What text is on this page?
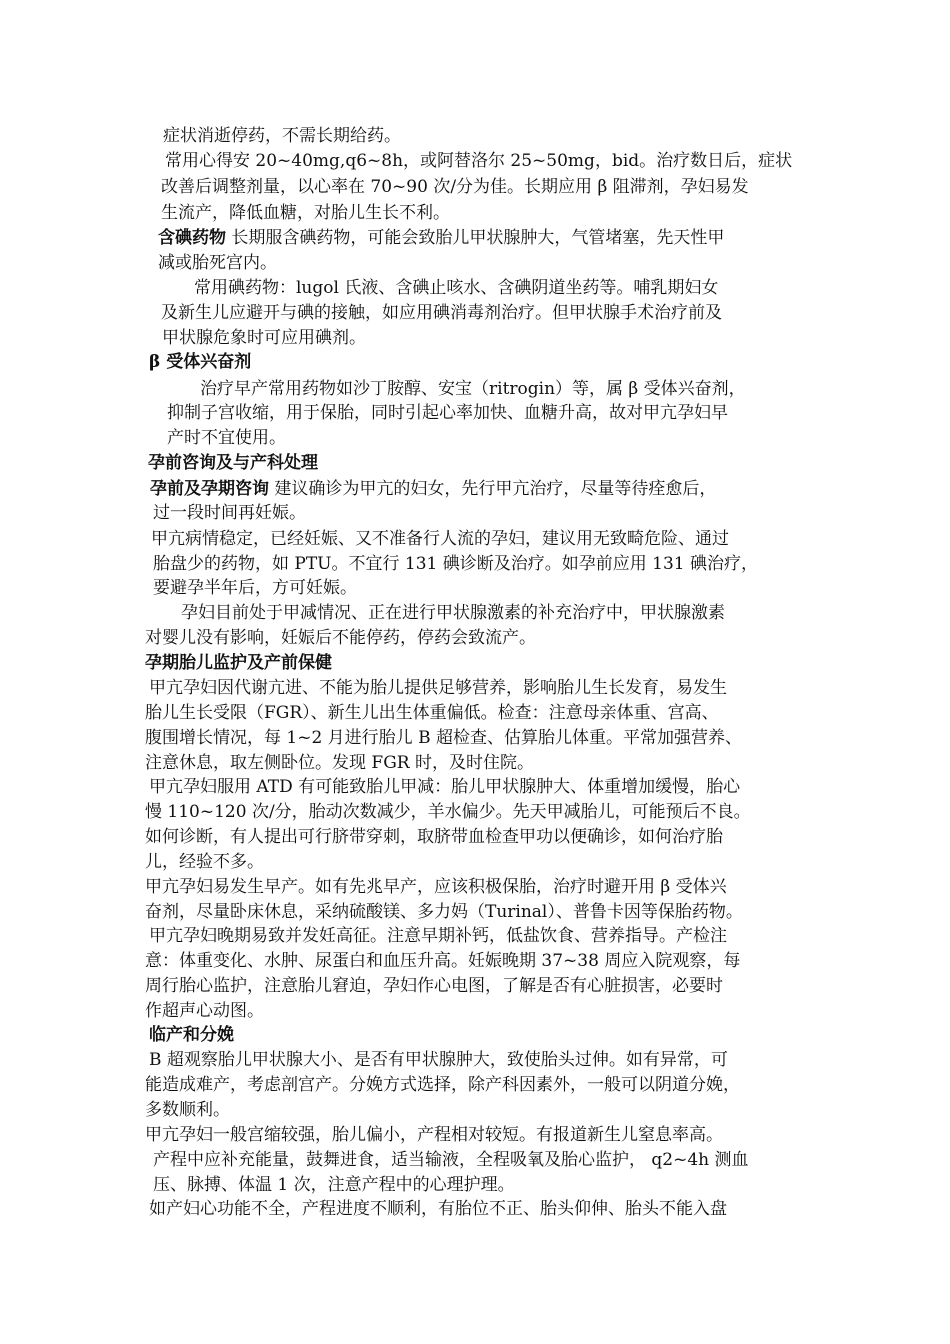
症状消逝停药，不需长期给药。

常用心得安 20~40mg,q6~8h，或阿替洛尔 25~50mg，bid。治疗数日后，症状

改善后调整剂量，以心率在 70~90 次/分为佳。长期应用 β 阻滞剂，孕妇易发

生流产，降低血糖，对胎儿生长不利。

含碘药物 长期服含碘药物，可能会致胎儿甲状腺肿大，气管堵塞，先天性甲

减或胎死宫内。

常用碘药物：lugol 氏液、含碘止咳水、含碘阴道坐药等。哺乳期妇女

及新生儿应避开与碘的接触，如应用碘消毒剂治疗。但甲状腺手术治疗前及

甲状腺危象时可应用碘剂。

β 受体兴奋剂

治疗早产常用药物如沙丁胺醇、安宝（ritrogin）等，属 β 受体兴奋剂，

抑制子宫收缩，用于保胎，同时引起心率加快、血糖升高，故对甲亢孕妇早

产时不宜使用。

孕前咨询及与产科处理

孕前及孕期咨询 建议确诊为甲亢的妇女，先行甲亢治疗，尽量等待痊愈后，

过一段时间再妊娠。

甲亢病情稳定，已经妊娠、又不准备行人流的孕妇，建议用无致畸危险、通过

胎盘少的药物，如 PTU。不宜行 131 碘诊断及治疗。如孕前应用 131 碘治疗，

要避孕半年后，方可妊娠。

孕妇目前处于甲减情况、正在进行甲状腺激素的补充治疗中，甲状腺激素

对婴儿没有影响，妊娠后不能停药，停药会致流产。

孕期胎儿监护及产前保健

甲亢孕妇因代谢亢进、不能为胎儿提供足够营养，影响胎儿生长发育，易发生

胎儿生长受限（FGR）、新生儿出生体重偏低。检查：注意母亲体重、宫高、

腹围增长情况，每 1~2 月进行胎儿 B 超检查、估算胎儿体重。平常加强营养、

注意休息，取左侧卧位。发现 FGR 时，及时住院。

甲亢孕妇服用 ATD 有可能致胎儿甲减：胎儿甲状腺肿大、体重增加缓慢，胎心

慢 110~120 次/分，胎动次数减少，羊水偏少。先天甲减胎儿，可能预后不良。

如何诊断，有人提出可行脐带穿刺，取脐带血检查甲功以便确诊，如何治疗胎

儿，经验不多。

甲亢孕妇易发生早产。如有先兆早产，应该积极保胎，治疗时避开用 β 受体兴

奋剂，尽量卧床休息，采纳硫酸镁、多力妈（Turinal）、普鲁卡因等保胎药物。

甲亢孕妇晚期易致并发妊高征。注意早期补钙，低盐饮食、营养指导。产检注

意：体重变化、水肿、尿蛋白和血压升高。妊娠晚期 37~38 周应入院观察，每

周行胎心监护，注意胎儿窘迫，孕妇作心电图，了解是否有心脏损害，必要时

作超声心动图。

临产和分娩

B 超观察胎儿甲状腺大小、是否有甲状腺肿大，致使胎头过伸。如有异常，可

能造成难产，考虑剖宫产。分娩方式选择，除产科因素外，一般可以阴道分娩，

多数顺利。

甲亢孕妇一般宫缩较强，胎儿偏小，产程相对较短。有报道新生儿窒息率高。

产程中应补充能量，鼓舞进食，适当输液，全程吸氧及胎心监护， q2~4h 测血

压、脉搏、体温 1 次，注意产程中的心理护理。

如产妇心功能不全，产程进度不顺利，有胎位不正、胎头仰伸、胎头不能入盘
